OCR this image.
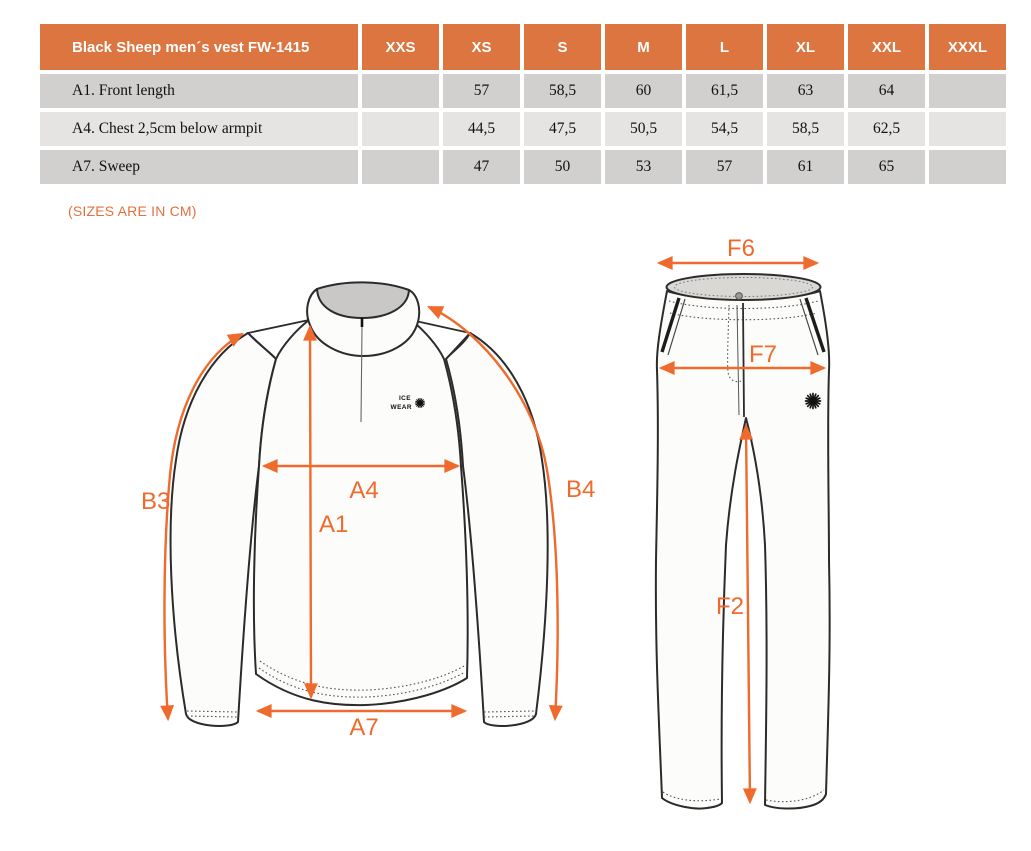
Black Sheep men´s vest FW-1415	XXS	XS	S	M	L	XL	XXL	XXXL
A1. Front length		57	58,5	60	61,5	63	64	
A4. Chest 2,5cm below armpit		44,5	47,5	50,5	54,5	58,5	62,5	
A7. Sweep		47	50	53	57	61	65	
(SIZES ARE IN CM)
ICE
WEAR
B3	B4
A4
A1
A7
F6
F7
F2
